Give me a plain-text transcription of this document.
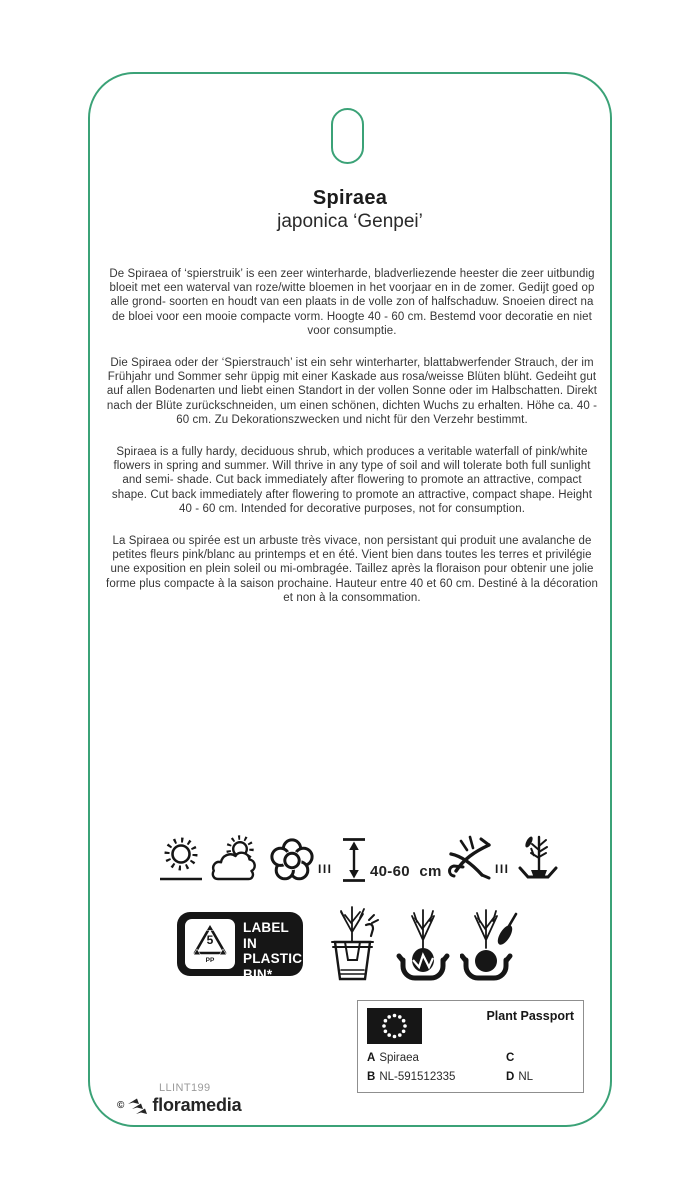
Spiraea
japonica ‘Genpei’
De Spiraea of ‘spierstruik’ is een zeer winterharde, bladverliezende heester die zeer uitbundig bloeit met een waterval van roze/witte bloemen in het voorjaar en in de zomer. Gedijt goed op alle grond- soorten en houdt van een plaats in de volle zon of halfschaduw. Snoeien direct na de bloei voor een mooie compacte vorm. Hoogte 40 - 60 cm. Bestemd voor decoratie en niet voor consumptie.
Die Spiraea oder der ‘Spierstrauch’ ist ein sehr winterharter, blattabwerfender Strauch, der im Frühjahr und Sommer sehr üppig mit einer Kaskade aus rosa/weisse Blüten blüht. Gedeiht gut auf allen Bodenarten und liebt einen Standort in der vollen Sonne oder im Halbschatten. Direkt nach der Blüte zurückschneiden, um einen schönen, dichten Wuchs zu erhalten. Höhe ca. 40 - 60 cm. Zu Dekorationszwecken und nicht für den Verzehr bestimmt.
Spiraea is a fully hardy, deciduous shrub, which produces a veritable waterfall of pink/white flowers in spring and summer. Will thrive in any type of soil and will tolerate both full sunlight and semi- shade. Cut back immediately after flowering to promote an attractive, compact shape. Cut back immediately after flowering to promote an attractive, compact shape. Height 40 - 60 cm. Intended for decorative purposes, not for consumption.
La Spiraea ou spirée est un arbuste très vivace, non persistant qui produit une avalanche de petites fleurs pink/blanc au printemps et en été. Vient bien dans toutes les terres et privilégie une exposition en plein soleil ou mi-ombragée. Taillez après la floraison pour obtenir une jolie forme plus compacte à la saison prochaine. Hauteur entre 40 et 60 cm. Destiné à la décoration et non à la consommation.
III 40-60 cm	III
5
PP
LABEL IN
PLASTIC
BIN*
Plant Passport
A Spiraea	C
B NL-591512335	D NL
LLINT199
© floramedia
